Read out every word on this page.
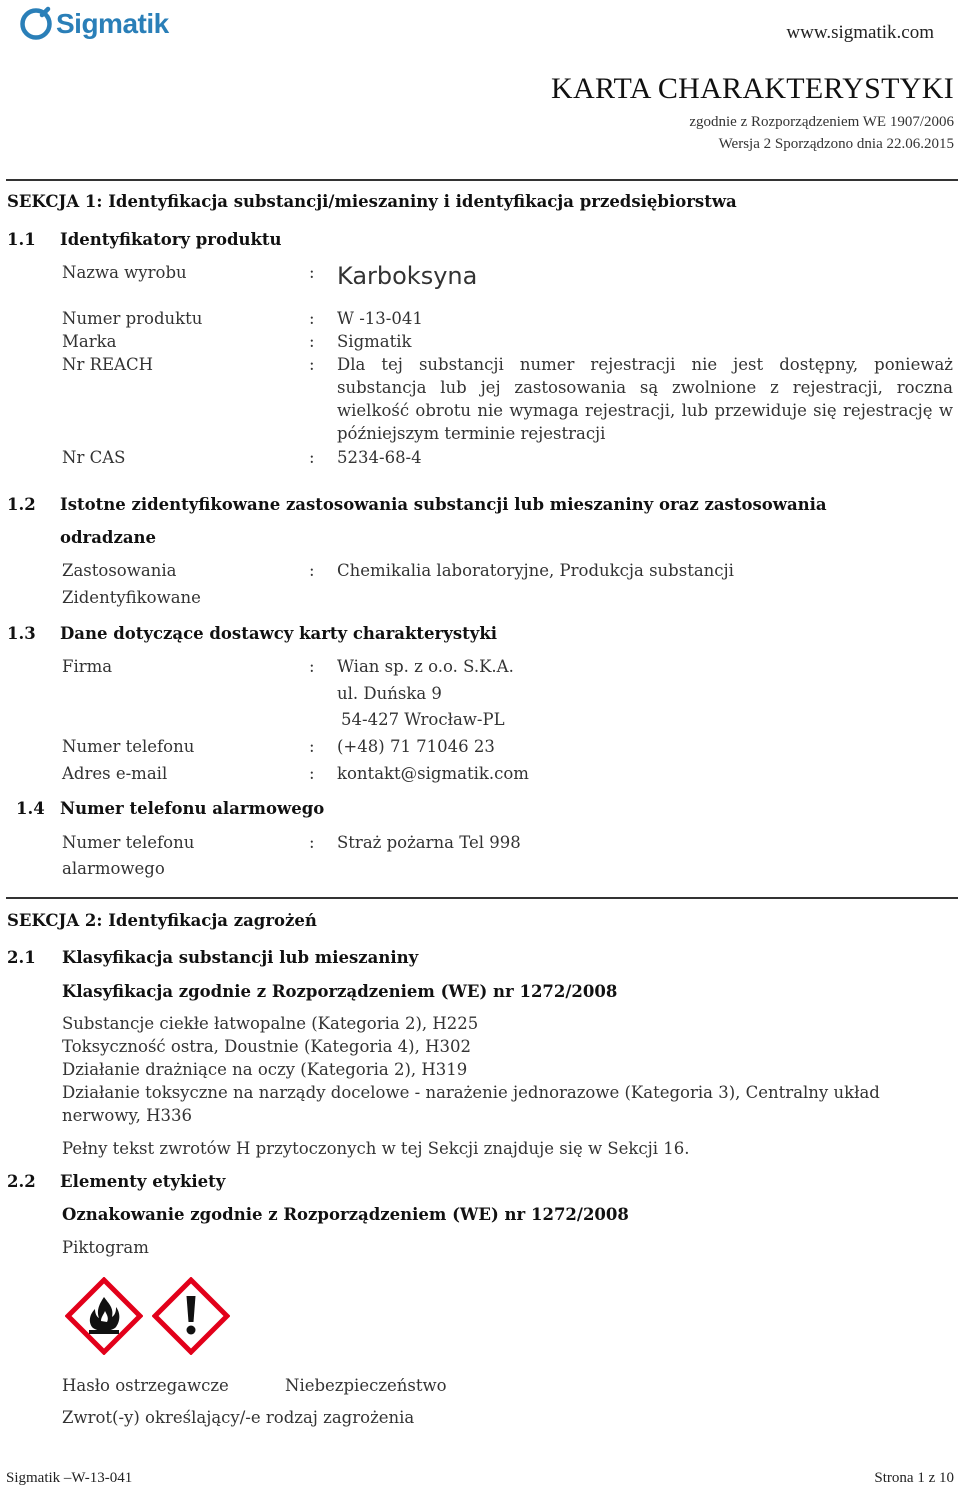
Sigmatik	www.sigmatik.com
KARTA CHARAKTERYSTYKI
zgodnie z Rozporządzeniem WE 1907/2006
Wersja 2 Sporządzono dnia 22.06.2015
SEKCJA 1: Identyfikacja substancji/mieszaniny i identyfikacja przedsiębiorstwa
1.1 Identyfikatory produktu
Nazwa wyrobu	: Karboksyna
Numer produktu	: W -13-041
Marka	: Sigmatik
Nr REACH	: Dla tej substancji numer rejestracji nie jest dostępny, ponieważ substancja lub jej zastosowania są zwolnione z rejestracji, roczna wielkość obrotu nie wymaga rejestracji, lub przewiduje się rejestrację w późniejszym terminie rejestracji
Nr CAS	: 5234-68-4
1.2 Istotne zidentyfikowane zastosowania substancji lub mieszaniny oraz zastosowania
odradzane
Zastosowania
Zidentyfikowane
: Chemikalia laboratoryjne, Produkcja substancji
1.3 Dane dotyczące dostawcy karty charakterystyki
Firma	: Wian sp. z o.o. S.K.A.
ul. Duńska 9
54-427 Wrocław-PL
Numer telefonu	: (+48) 71 71046 23
Adres e-mail	: kontakt@sigmatik.com
1.4 Numer telefonu alarmowego
Numer telefonu
alarmowego
: Straż pożarna Tel 998
SEKCJA 2: Identyfikacja zagrożeń
2.1 Klasyfikacja substancji lub mieszaniny
Klasyfikacja zgodnie z Rozporządzeniem (WE) nr 1272/2008
Substancje ciekłe łatwopalne (Kategoria 2), H225
Toksyczność ostra, Doustnie (Kategoria 4), H302
Działanie drażniące na oczy (Kategoria 2), H319
Działanie toksyczne na narządy docelowe - narażenie jednorazowe (Kategoria 3), Centralny układ
nerwowy, H336
Pełny tekst zwrotów H przytoczonych w tej Sekcji znajduje się w Sekcji 16.
2.2 Elementy etykiety
Oznakowanie zgodnie z Rozporządzeniem (WE) nr 1272/2008
Piktogram
Hasło ostrzegawcze	Niebezpieczeństwo
Zwrot(-y) określający/-e rodzaj zagrożenia
Sigmatik –W-13-041	Strona 1 z 10
